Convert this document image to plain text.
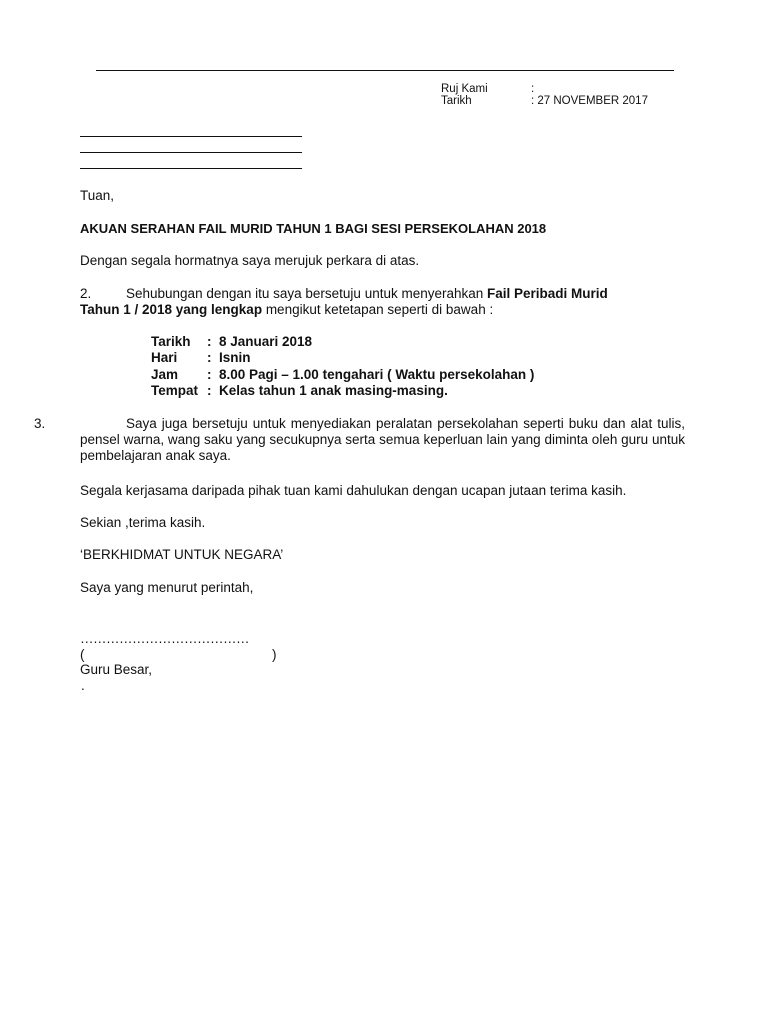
Ruj Kami	:
Tarikh	: 27 NOVEMBER 2017
Tuan,
AKUAN SERAHAN FAIL MURID TAHUN 1 BAGI SESI PERSEKOLAHAN 2018
Dengan segala hormatnya saya merujuk perkara di atas.
2.	Sehubungan dengan itu saya bersetuju untuk menyerahkan Fail Peribadi Murid
Tahun 1 / 2018 yang lengkap mengikut ketetapan seperti di bawah :
Tarikh : 8 Januari 2018
Hari : Isnin
Jam : 8.00 Pagi – 1.00 tengahari ( Waktu persekolahan )
Tempat : Kelas tahun 1 anak masing-masing.
3.	Saya juga bersetuju untuk menyediakan peralatan persekolahan seperti buku dan alat tulis, pensel warna, wang saku yang secukupnya serta semua keperluan lain yang diminta oleh guru untuk pembelajaran anak saya.
Segala kerjasama daripada pihak tuan kami dahulukan dengan ucapan jutaan terima kasih.
Sekian ,terima kasih.
‘BERKHIDMAT UNTUK NEGARA’
Saya yang menurut perintah,
…………………………………
(	)
Guru Besar,
.
